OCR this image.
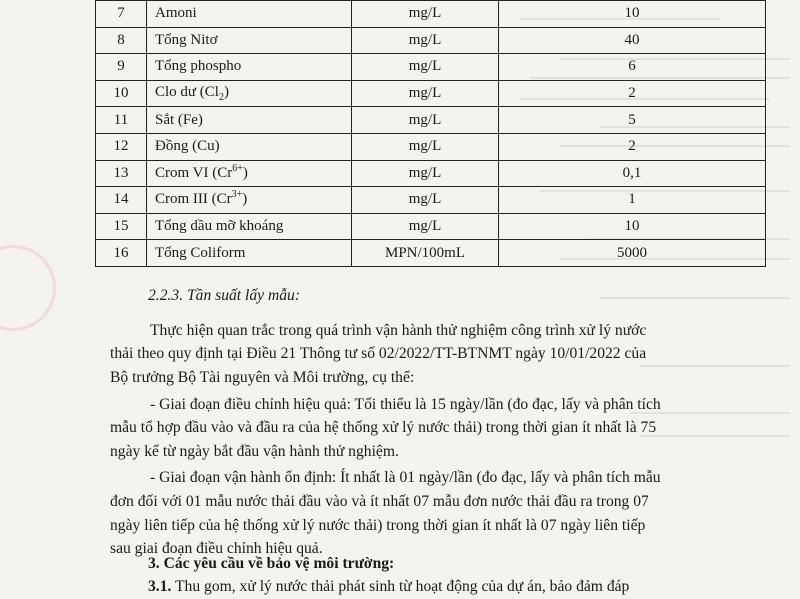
7	Amoni	mg/L	10
8	Tổng Nitơ	mg/L	40
9	Tổng phospho	mg/L	6
10	Clo dư $(Cl_2)$	mg/L	2
11	Sắt (Fe)	mg/L	5
12	Đồng (Cu)	mg/L	2
13	Crom VI $(Cr^{6+})$	mg/L	0,1
14	Crom III $(Cr^{3+})$	mg/L	1
15	Tổng dầu mỡ khoáng	mg/L	10
16	Tổng Coliform	MPN/100mL	5000
2.2.3. Tần suất lấy mẫu:
Thực hiện quan trắc trong quá trình vận hành thử nghiệm công trình xử lý nước
thải theo quy định tại Điều 21 Thông tư số 02/2022/TT-BTNMT ngày 10/01/2022 của
Bộ trưởng Bộ Tài nguyên và Môi trường, cụ thể:
- Giai đoạn điều chỉnh hiệu quả: Tối thiểu là 15 ngày/lần (đo đạc, lấy và phân tích
mẫu tổ hợp đầu vào và đầu ra của hệ thống xử lý nước thải) trong thời gian ít nhất là 75
ngày kể từ ngày bắt đầu vận hành thử nghiệm.
- Giai đoạn vận hành ổn định: Ít nhất là 01 ngày/lần (đo đạc, lấy và phân tích mẫu
đơn đối với 01 mẫu nước thải đầu vào và ít nhất 07 mẫu đơn nước thải đầu ra trong 07
ngày liên tiếp của hệ thống xử lý nước thải) trong thời gian ít nhất là 07 ngày liên tiếp
sau giai đoạn điều chỉnh hiệu quả.
3. Các yêu cầu về bảo vệ môi trường:
3.1. Thu gom, xử lý nước thải phát sinh từ hoạt động của dự án, bảo đảm đáp
